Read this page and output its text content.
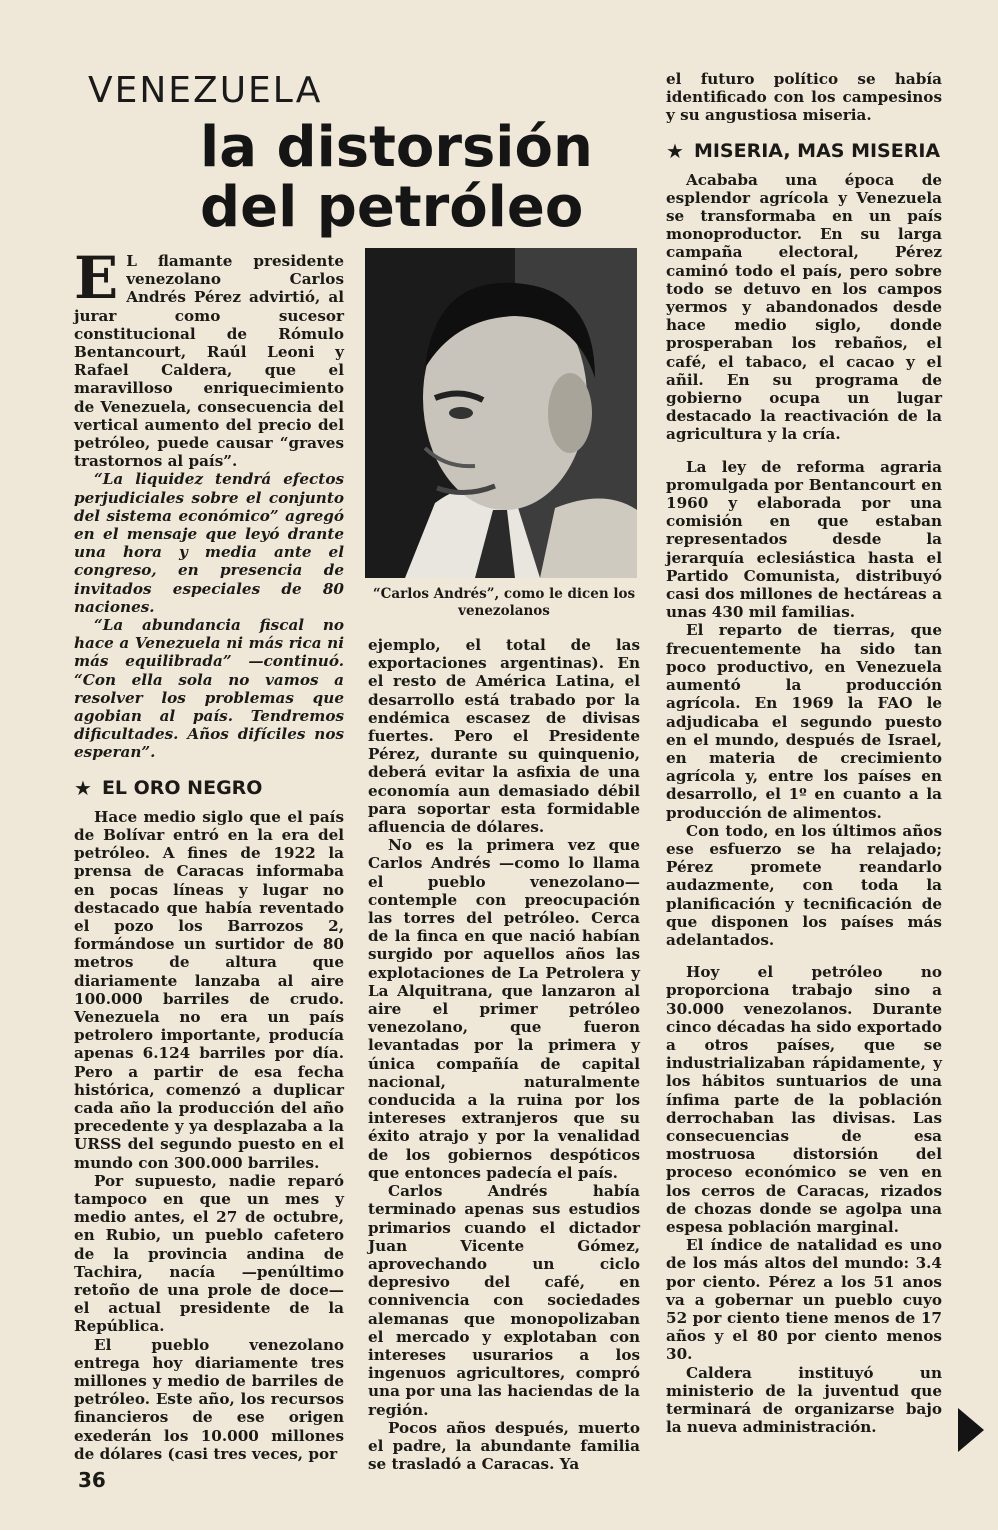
VENEZUELA
la distorsión
del petróleo

E L flamante presidente venezolano Carlos Andrés Pérez advirtió, al jurar como sucesor constitucional de Rómulo Bentancourt, Raúl Leoni y Rafael Caldera, que el maravilloso enriquecimiento de Venezuela, consecuencia del vertical aumento del precio del petróleo, puede causar “graves trastornos al país”.

“La liquidez tendrá efectos perjudiciales sobre el conjunto del sistema económico” agregó en el mensaje que leyó drante una hora y media ante el congreso, en presencia de invitados especiales de 80 naciones.

“La abundancia fiscal no hace a Venezuela ni más rica ni más equilibrada” —continuó. “Con ella sola no vamos a resolver los problemas que agobian al país. Tendremos dificultades. Años difíciles nos esperan”.

★ EL ORO NEGRO

Hace medio siglo que el país de Bolívar entró en la era del petróleo. A fines de 1922 la prensa de Caracas informaba en pocas líneas y lugar no destacado que había reventado el pozo los Barrozos 2, formándose un surtidor de 80 metros de altura que diariamente lanzaba al aire 100.000 barriles de crudo. Venezuela no era un país petrolero importante, producía apenas 6.124 barriles por día. Pero a partir de esa fecha histórica, comenzó a duplicar cada año la producción del año precedente y ya desplazaba a la URSS del segundo puesto en el mundo con 300.000 barriles.

Por supuesto, nadie reparó tampoco en que un mes y medio antes, el 27 de octubre, en Rubio, un pueblo cafetero de la provincia andina de Tachira, nacía —penúltimo retoño de una prole de doce— el actual presidente de la República.

El pueblo venezolano entrega hoy diariamente tres millones y medio de barriles de petróleo. Este año, los recursos financieros de ese origen exederán los 10.000 millones de dólares (casi tres veces, por

“Carlos Andrés”, como le dicen los venezolanos

ejemplo, el total de las exportaciones argentinas). En el resto de América Latina, el desarrollo está trabado por la endémica escasez de divisas fuertes. Pero el Presidente Pérez, durante su quinquenio, deberá evitar la asfixia de una economía aun demasiado débil para soportar esta formidable afluencia de dólares.

No es la primera vez que Carlos Andrés —como lo llama el pueblo venezolano— contemple con preocupación las torres del petróleo. Cerca de la finca en que nació habían surgido por aquellos años las explotaciones de La Petrolera y La Alquitrana, que lanzaron al aire el primer petróleo venezolano, que fueron levantadas por la primera y única compañía de capital nacional, naturalmente conducida a la ruina por los intereses extranjeros que su éxito atrajo y por la venalidad de los gobiernos despóticos que entonces padecía el país.

Carlos Andrés había terminado apenas sus estudios primarios cuando el dictador Juan Vicente Gómez, aprovechando un ciclo depresivo del café, en connivencia con sociedades alemanas que monopolizaban el mercado y explotaban con intereses usurarios a los ingenuos agricultores, compró una por una las haciendas de la región.

Pocos años después, muerto el padre, la abundante familia se trasladó a Caracas. Ya

el futuro político se había identificado con los campesinos y su angustiosa miseria.

★ MISERIA, MAS MISERIA

Acababa una época de esplendor agrícola y Venezuela se transformaba en un país monoproductor. En su larga campaña electoral, Pérez caminó todo el país, pero sobre todo se detuvo en los campos yermos y abandonados desde hace medio siglo, donde prosperaban los rebaños, el café, el tabaco, el cacao y el añil. En su programa de gobierno ocupa un lugar destacado la reactivación de la agricultura y la cría.

La ley de reforma agraria promulgada por Bentancourt en 1960 y elaborada por una comisión en que estaban representados desde la jerarquía eclesiástica hasta el Partido Comunista, distribuyó casi dos millones de hectáreas a unas 430 mil familias.

El reparto de tierras, que frecuentemente ha sido tan poco productivo, en Venezuela aumentó la producción agrícola. En 1969 la FAO le adjudicaba el segundo puesto en el mundo, después de Israel, en materia de crecimiento agrícola y, entre los países en desarrollo, el 1º en cuanto a la producción de alimentos.

Con todo, en los últimos años ese esfuerzo se ha relajado; Pérez promete reandarlo audazmente, con toda la planificación y tecnificación de que disponen los países más adelantados.

Hoy el petróleo no proporciona trabajo sino a 30.000 venezolanos. Durante cinco décadas ha sido exportado a otros países, que se industrializaban rápidamente, y los hábitos suntuarios de una ínfima parte de la población derrochaban las divisas. Las consecuencias de esa mostruosa distorsión del proceso económico se ven en los cerros de Caracas, rizados de chozas donde se agolpa una espesa población marginal.

El índice de natalidad es uno de los más altos del mundo: 3.4 por ciento. Pérez a los 51 anos va a gobernar un pueblo cuyo 52 por ciento tiene menos de 17 años y el 80 por ciento menos 30.

Caldera instituyó un ministerio de la juventud que terminará de organizarse bajo la nueva administración.

36
